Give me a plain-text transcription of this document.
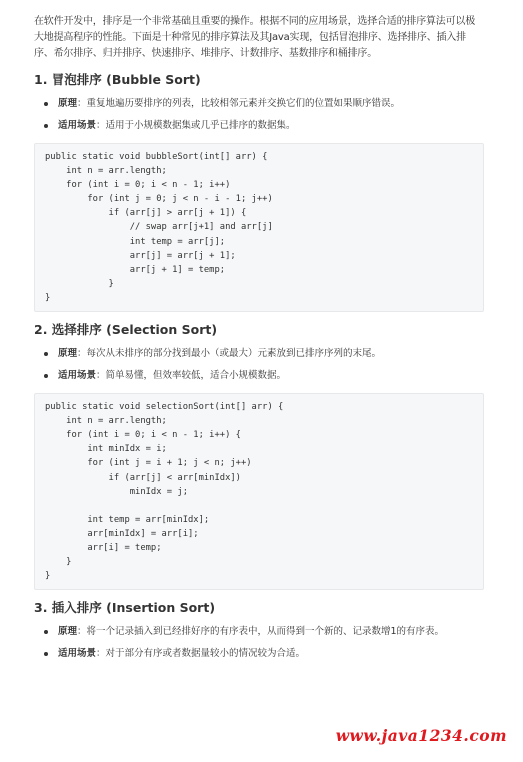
在软件开发中，排序是一个非常基础且重要的操作。根据不同的应用场景，选择合适的排序算法可以极大地提高程序的性能。下面是十种常见的排序算法及其Java实现，包括冒泡排序、选择排序、插入排序、希尔排序、归并排序、快速排序、堆排序、计数排序、基数排序和桶排序。

1. 冒泡排序 (Bubble Sort)
原理：重复地遍历要排序的列表，比较相邻元素并交换它们的位置如果顺序错误。
适用场景：适用于小规模数据集或几乎已排序的数据集。
public static void bubbleSort(int[] arr) {
int n = arr.length;
for (int i = 0; i < n - 1; i++)
for (int j = 0; j < n - i - 1; j++)
if (arr[j] > arr[j + 1]) {
// swap arr[j+1] and arr[j]
int temp = arr[j];
arr[j] = arr[j + 1];
arr[j + 1] = temp;
}
}
2. 选择排序 (Selection Sort)
原理：每次从未排序的部分找到最小（或最大）元素放到已排序序列的末尾。
适用场景：简单易懂，但效率较低，适合小规模数据。
public static void selectionSort(int[] arr) {
int n = arr.length;
for (int i = 0; i < n - 1; i++) {
int minIdx = i;
for (int j = i + 1; j < n; j++)
if (arr[j] < arr[minIdx])
minIdx = j;

int temp = arr[minIdx];
arr[minIdx] = arr[i];
arr[i] = temp;
}
}
3. 插入排序 (Insertion Sort)
原理：将一个记录插入到已经排好序的有序表中，从而得到一个新的、记录数增1的有序表。
适用场景：对于部分有序或者数据量较小的情况较为合适。
www.java1234.com
